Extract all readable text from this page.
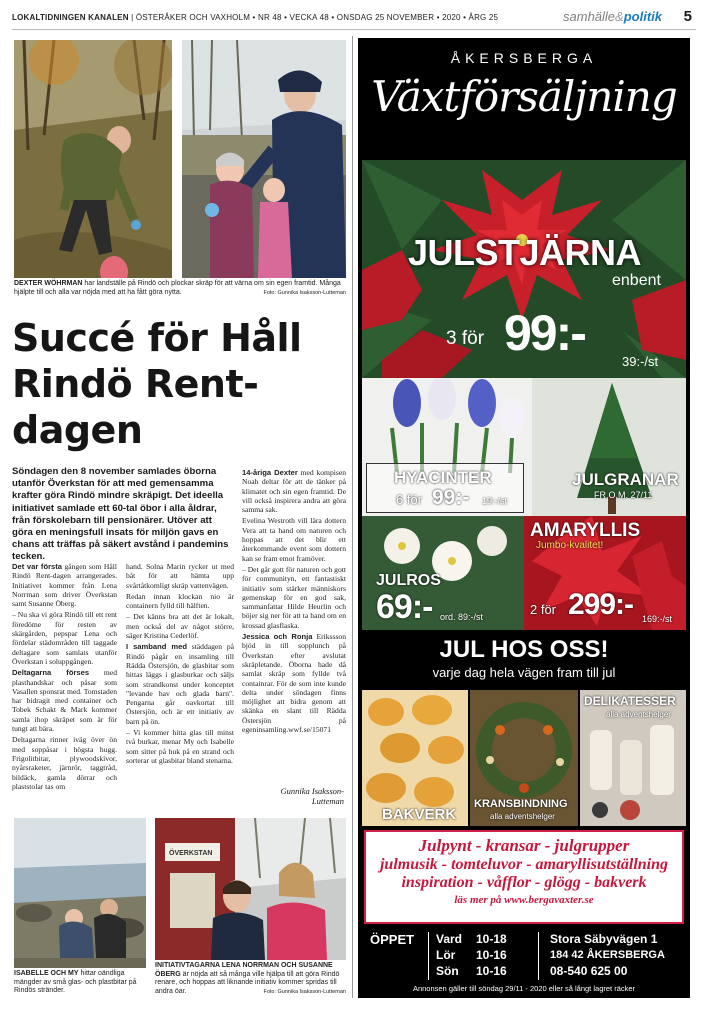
LOKALTIDNINGEN KANALEN | ÖSTERÅKER OCH VAXHOLM • NR 48 • VECKA 48 • ONSDAG 25 NOVEMBER • 2020 • ÅRG 25	samhälle&politik 5
DEXTER WÖHRMAN har landställe på Rindö och plockar skräp för att värna om sin egen framtid. Många hjälpte till och alla var nöjda med att ha fått göra nytta.	Foto: Gunnika Isaksson-Lutteman
Succé för Håll
Rindö Rent-
dagen
Söndagen den 8 november samlades öborna utanför Överkstan för att med gemensamma krafter göra Rindö mindre skräpigt. Det ideella initiativet samlade ett 60-tal öbor i alla åldrar, från förskolebarn till pensionärer. Utöver att göra en meningsfull insats för miljön gavs en chans att träffas på säkert avstånd i pandemins tecken.

Det var första gången som Håll Rindö Rent-dagen arrangerades. Initiativet kommer från Lena Norrman som driver Överkstan samt Susanne Öberg.

– Nu ska vi göra Rindö till ett rent föredöme för resten av skärgården, pepspar Lena och fördelar städområden till taggade deltagare som samlats utanför Överkstan i soluppgången.

Deltagarna förses med plasthandskar och påsar som Vasallen sponsrat med. Tomstaden har bidragit med container och Tobek Schakt & Mark kommer samla ihop skräpet som är för tungt att bära.

Deltagarna rinner iväg över ön med soppåsar i högsta hugg. Frigolitbitar, plywoodskivor, nyårsraketer, järnrör, taggtråd, bildäck, gamla dörrar och plaststolar tas om

hand. Solna Marin rycker ut med båt för att hämta upp svårtåtkomligt skräp vattenvägen.

Redan innan klockan nio är containern fylld till hälften.

– Det känns bra att det är lokalt, men också del av något större, säger Kristina Cederlöf.

I samband med städdagen på Rindö pågår en insamling till Rädda Östersjön, de glasbitar som hittas läggs i glasburkar och säljs som strandkonst under konceptet "levande hav och glada barn". Pengarna går oavkortat till Östersjön, och är ett initiativ av barn på ön.

– Vi kommer hitta glas till minst två burkar, menar My och Isabelle som sitter på huk på en strand och sorterar ut glasbitar bland stenarna.

14-åriga Dexter med kompisen Noah deltar för att de tänker på klimatet och sin egen framtid. De vill också inspirera andra att göra samma sak.

Evelina Westroth vill lära dottern Vera att ta hand om naturen och hoppas att det blir ett återkommande event som dottern kan se fram emot framöver.

– Det går gott för naturen och gott för communityn, ett fantastiskt initiativ som stärker människors gemenskap för en god sak, sammanfattar Hilde Heurlin och böjer sig ner för att ta hand om en krossad glasflaska.

Jessica och Ronja Erikssson bjöd in till sopplunch på Överkstan efter avslutat skräpletande. Öborna hade då samlat skräp som fyllde två containrar. För de som inte kunde delta under söndagen finns möjlighet att bidra genom att skänka en slant till Rädda Östersjön på egeninsamling.wwf.se/15071

Gunnika Isaksson-
Lutteman
ÖVERKSTAN
ISABELLE OCH MY hittar oändliga mängder av små glas- och plastbitar på Rindös stränder.
INITIATIVTAGARNA LENA NORRMAN OCH SUSANNE ÖBERG är nöjda att så många ville hjälpa till att göra Rindö renare, och hoppas att liknande initiativ kommer spridas till andra öar.	Foto: Gunnika Isaksson-Lutteman
ÅKERSBERGA
Växtförsäljning
JULSTJÄRNA
enbent
3 för 99:-
39:-/st
HYACINTER
6 för 99:- 19:-/st
JULGRANAR
FR.O.M. 27/11
AMARYLLIS
Jumbo-kvalitet!
JULROS
69:- ord. 89:-/st	2 för 299:- 169:-/st
JUL HOS OSS!
varje dag hela vägen fram till jul
BAKVERK
KRANSBINDNING
alla adventshelger
DELIKATESSER
alla adventshelger
Julpynt - kransar - julgrupper
julmusik - tomteluvor - amaryllisutställning
inspiration - våfflor - glögg - bakverk
läs mer på www.bergavaxter.se
ÖPPET Vard 10-18
Lör 10-16
Sön 10-16
Stora Säbyvägen 1
184 42 ÅKERSBERGA
08-540 625 00
Annonsen gäller till söndag 29/11 - 2020 eller så långt lagret räcker
